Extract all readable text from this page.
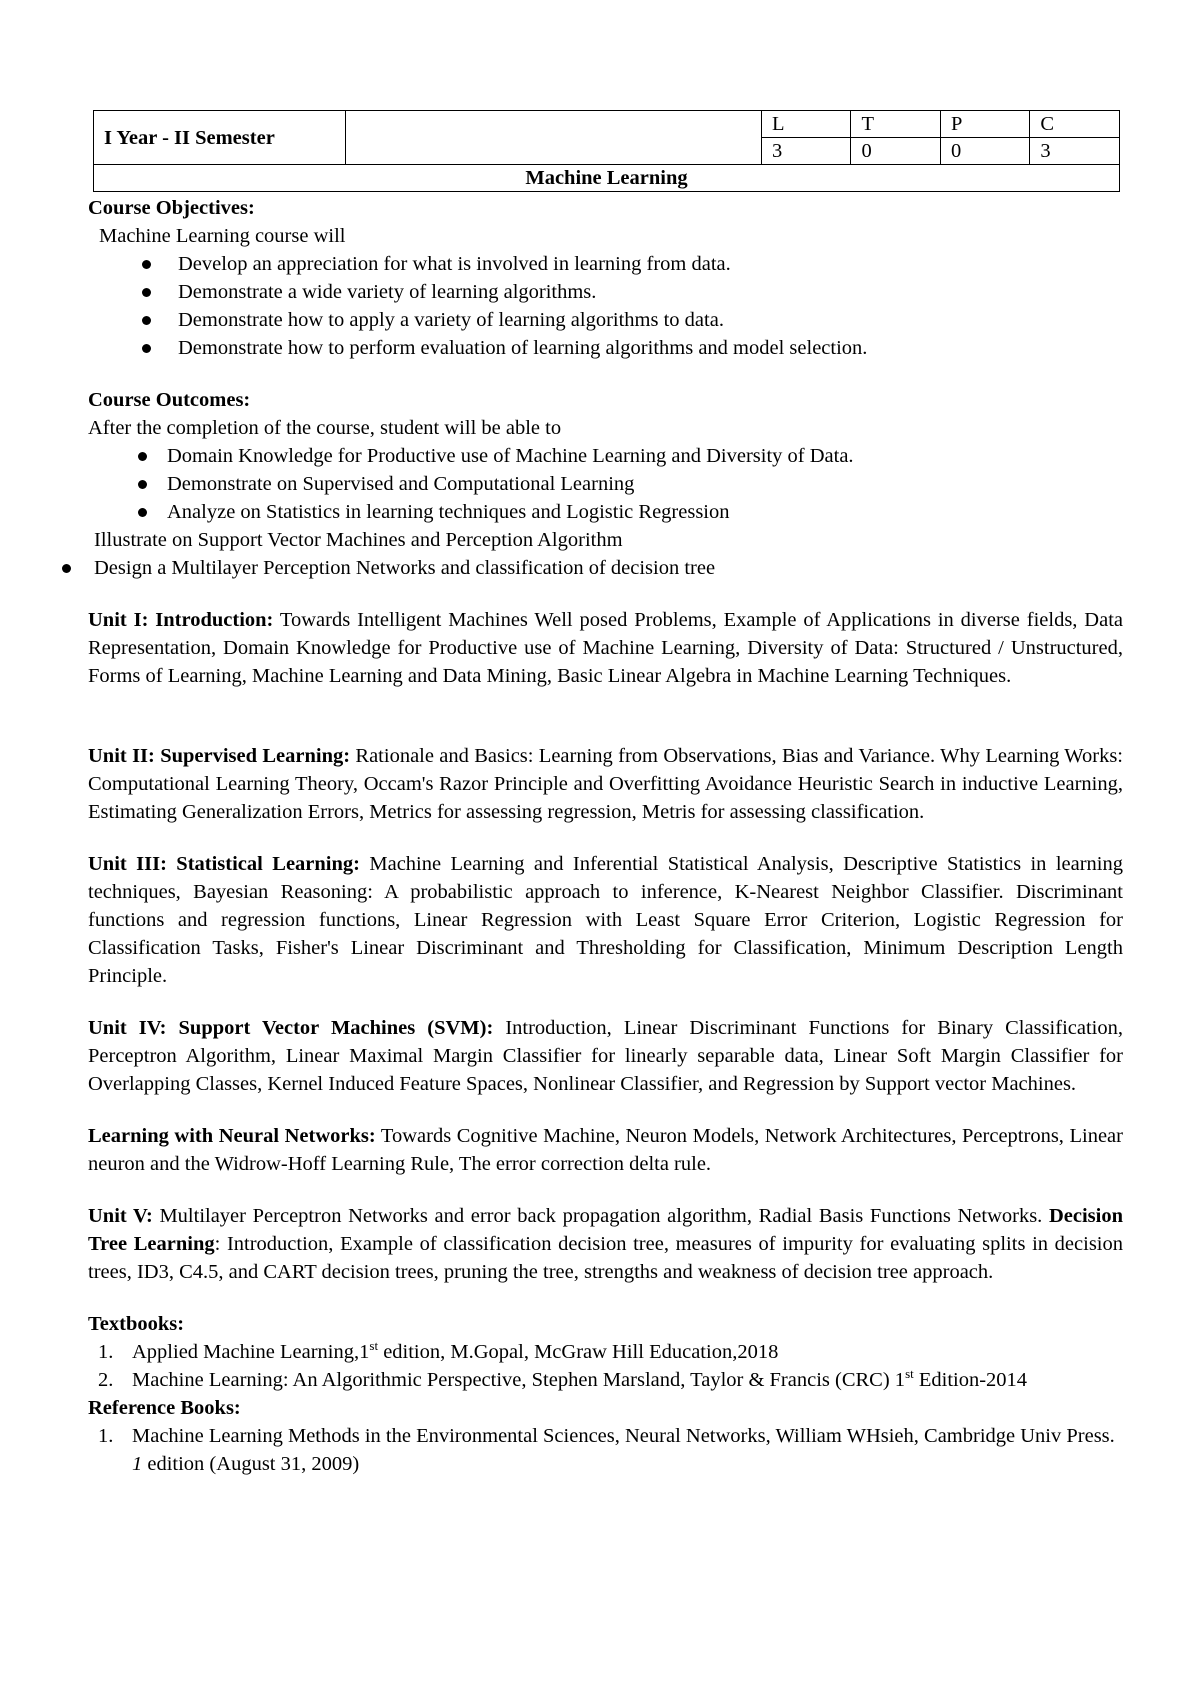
I Year - II Semester		L	T	P	C
		3	0	0	3
Machine Learning					

Course Objectives:

Machine Learning course will

Develop an appreciation for what is involved in learning from data.
Demonstrate a wide variety of learning algorithms.
Demonstrate how to apply a variety of learning algorithms to data.
Demonstrate how to perform evaluation of learning algorithms and model selection.

Course Outcomes:

After the completion of the course, student will be able to

Domain Knowledge for Productive use of Machine Learning and Diversity of Data.
Demonstrate on Supervised and Computational Learning
Analyze on Statistics in learning techniques and Logistic Regression

Illustrate on Support Vector Machines and Perception Algorithm

Design a Multilayer Perception Networks and classification of decision tree

Unit I: Introduction: Towards Intelligent Machines Well posed Problems, Example of Applications in diverse fields, Data Representation, Domain Knowledge for Productive use of Machine Learning, Diversity of Data: Structured / Unstructured, Forms of Learning, Machine Learning and Data Mining, Basic Linear Algebra in Machine Learning Techniques.

Unit II: Supervised Learning: Rationale and Basics: Learning from Observations, Bias and Variance. Why Learning Works: Computational Learning Theory, Occam's Razor Principle and Overfitting Avoidance Heuristic Search in inductive Learning, Estimating Generalization Errors, Metrics for assessing regression, Metris for assessing classification.

Unit III: Statistical Learning: Machine Learning and Inferential Statistical Analysis, Descriptive Statistics in learning techniques, Bayesian Reasoning: A probabilistic approach to inference, K-Nearest Neighbor Classifier. Discriminant functions and regression functions, Linear Regression with Least Square Error Criterion, Logistic Regression for Classification Tasks, Fisher's Linear Discriminant and Thresholding for Classification, Minimum Description Length Principle.

Unit IV: Support Vector Machines (SVM): Introduction, Linear Discriminant Functions for Binary Classification, Perceptron Algorithm, Linear Maximal Margin Classifier for linearly separable data, Linear Soft Margin Classifier for Overlapping Classes, Kernel Induced Feature Spaces, Nonlinear Classifier, and Regression by Support vector Machines.

Learning with Neural Networks: Towards Cognitive Machine, Neuron Models, Network Architectures, Perceptrons, Linear neuron and the Widrow-Hoff Learning Rule, The error correction delta rule.

Unit V: Multilayer Perceptron Networks and error back propagation algorithm, Radial Basis Functions Networks. Decision Tree Learning: Introduction, Example of classification decision tree, measures of impurity for evaluating splits in decision trees, ID3, C4.5, and CART decision trees, pruning the tree, strengths and weakness of decision tree approach.

Textbooks:

1. Applied Machine Learning,1st edition, M.Gopal, McGraw Hill Education,2018
2. Machine Learning: An Algorithmic Perspective, Stephen Marsland, Taylor & Francis (CRC) 1st Edition-2014

Reference Books:

1. Machine Learning Methods in the Environmental Sciences, Neural Networks, William WHsieh, Cambridge Univ Press. 1 edition (August 31, 2009)
